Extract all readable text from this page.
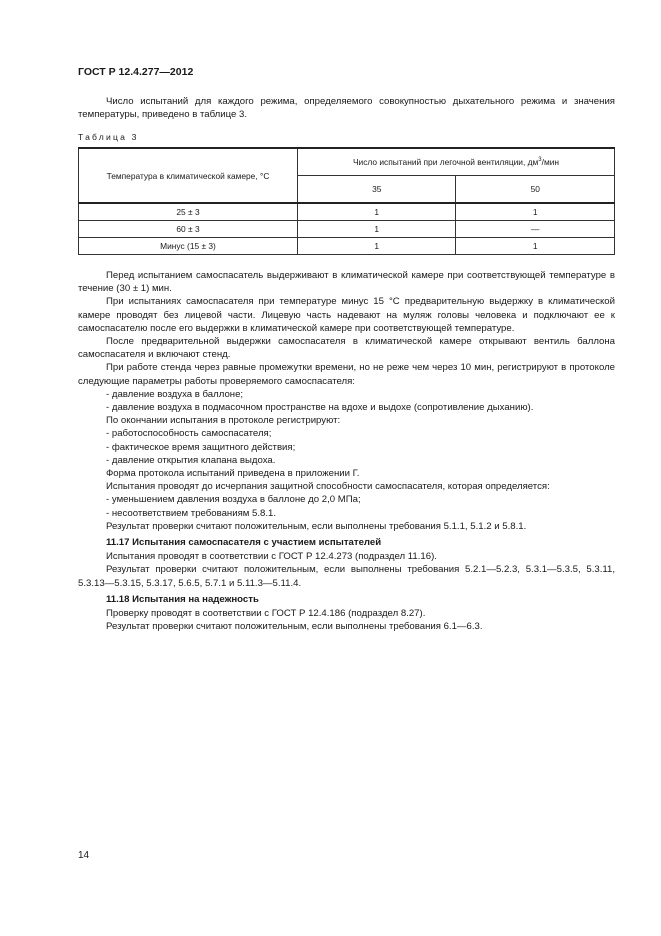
ГОСТ Р 12.4.277—2012

Число испытаний для каждого режима, определяемого совокупностью дыхательного режима и значения температуры, приведено в таблице 3.

Таблица 3
Температура в климатической камере, °С	Число испытаний при легочной вентиляции, $дм^3$/мин	
	35	50
25 ± 3	1	1
60 ± 3	1	—
Минус (15 ± 3)	1	1

Перед испытанием самоспасатель выдерживают в климатической камере при соответствующей температуре в течение (30 ± 1) мин.

При испытаниях самоспасателя при температуре минус 15 °С предварительную выдержку в климатической камере проводят без лицевой части. Лицевую часть надевают на муляж головы человека и подключают ее к самоспасателю после его выдержки в климатической камере при соответствующей температуре.

После предварительной выдержки самоспасателя в климатической камере открывают вентиль баллона самоспасателя и включают стенд.

При работе стенда через равные промежутки времени, но не реже чем через 10 мин, регистрируют в протоколе следующие параметры работы проверяемого самоспасателя:

- давление воздуха в баллоне;

- давление воздуха в подмасочном пространстве на вдохе и выдохе (сопротивление дыханию).

По окончании испытания в протоколе регистрируют:

- работоспособность самоспасателя;

- фактическое время защитного действия;

- давление открытия клапана выдоха.

Форма протокола испытаний приведена в приложении Г.

Испытания проводят до исчерпания защитной способности самоспасателя, которая определяется:

- уменьшением давления воздуха в баллоне до 2,0 МПа;

- несоответствием требованиям 5.8.1.

Результат проверки считают положительным, если выполнены требования 5.1.1, 5.1.2 и 5.8.1.

11.17 Испытания самоспасателя с участием испытателей

Испытания проводят в соответствии с ГОСТ Р 12.4.273 (подраздел 11.16).

Результат проверки считают положительным, если выполнены требования 5.2.1—5.2.3, 5.3.1—5.3.5, 5.3.11, 5.3.13—5.3.15, 5.3.17, 5.6.5, 5.7.1 и 5.11.3—5.11.4.

11.18 Испытания на надежность

Проверку проводят в соответствии с ГОСТ Р 12.4.186 (подраздел 8.27).

Результат проверки считают положительным, если выполнены требования 6.1—6.3.

14
